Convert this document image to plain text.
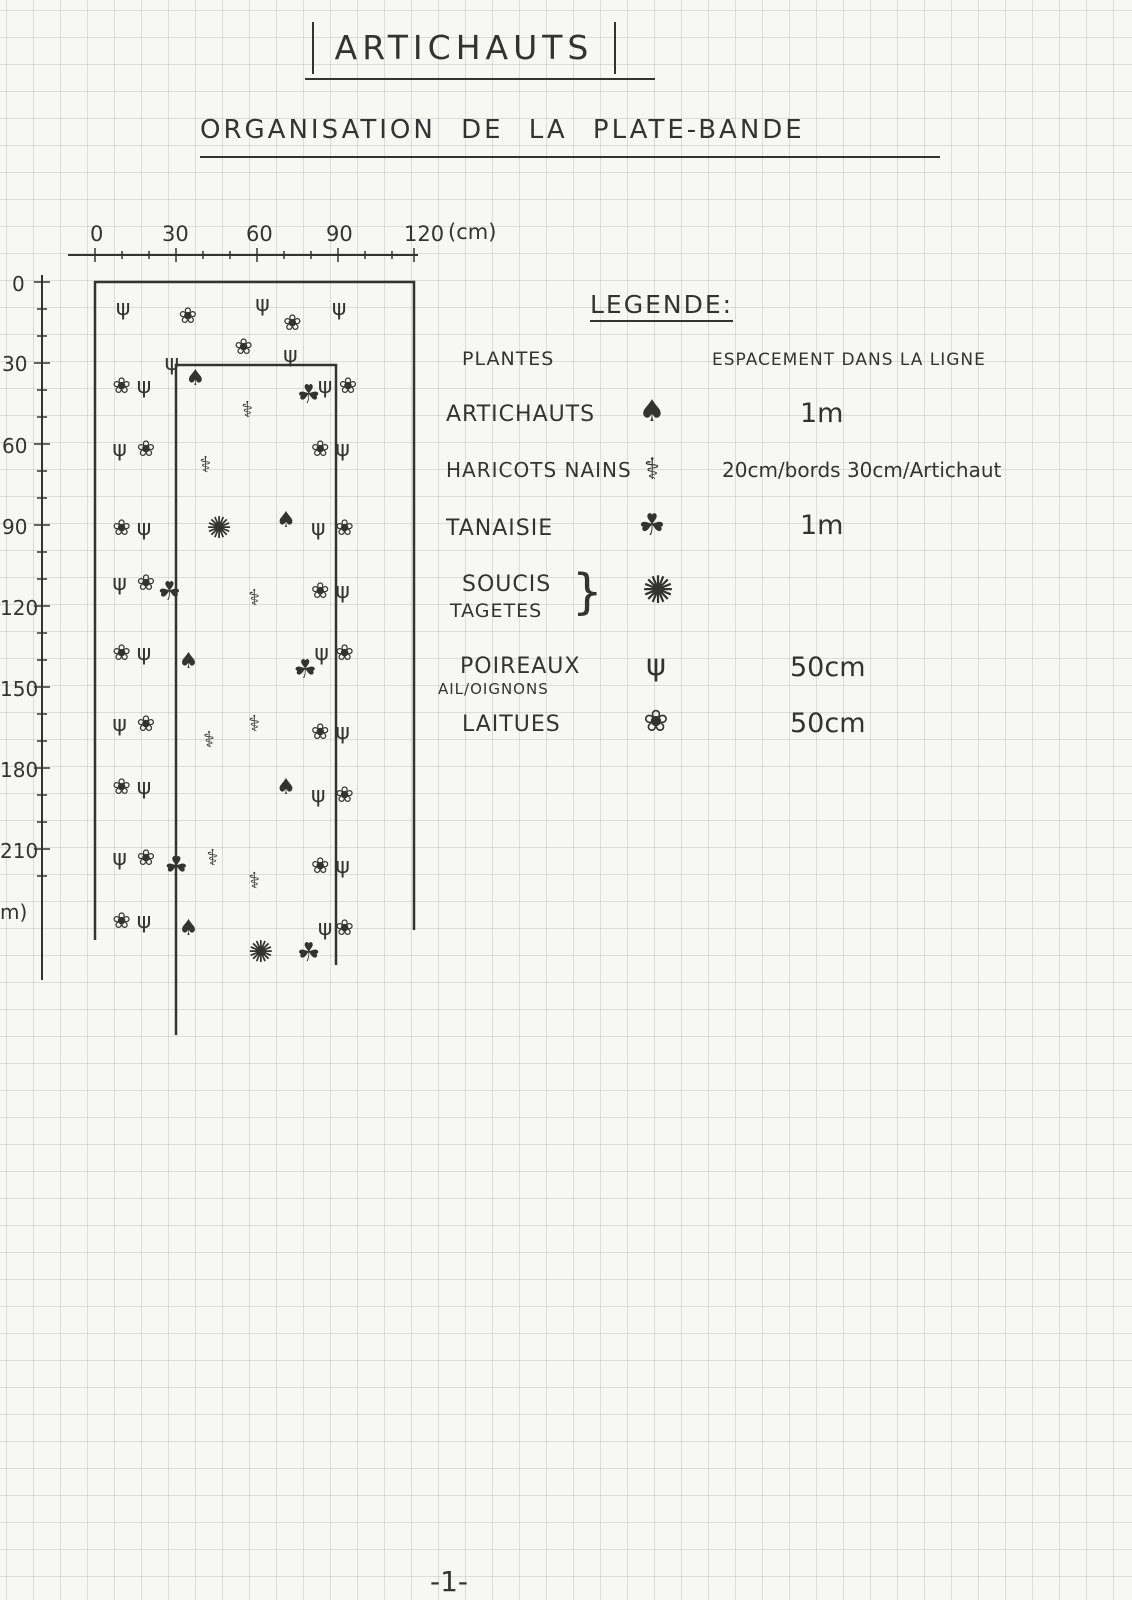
ARTICHAUTS
ORGANISATION DE LA PLATE-BANDE
0	30	60	90 120 (cm)
0
30
60
90
120
150
180
210
m)
ψ ❀	ψ
❀
❀
ψ	ψ
ψ
❀ ψ ♠
⚕
☘
ψ ❀
ψ ❀
⚕
❀ ψ
❀ ψ ✺ ♠ ψ ❀
ψ ❀ ☘	⚕ ❀ ψ
❀ ψ ♠	☘
ψ ❀
ψ ❀
⚕
⚕ ❀ ψ
❀ ψ	♠ ψ ❀
ψ ❀ ☘ ⚕
⚕
❀ ψ
❀ ψ ♠
✺ ☘
ψ ❀
LEGENDE:
PLANTES	ESPACEMENT DANS LA LIGNE
ARTICHAUTS ♠	1m
HARICOTS NAINS ⚕	20cm/bords 30cm/Artichaut
TANAISIE	☘	1m
SOUCIS
TAGETES } ✺
POIREAUX
AIL/OIGNONS
ψ	50cm
LAITUES	❀	50cm
-1-
